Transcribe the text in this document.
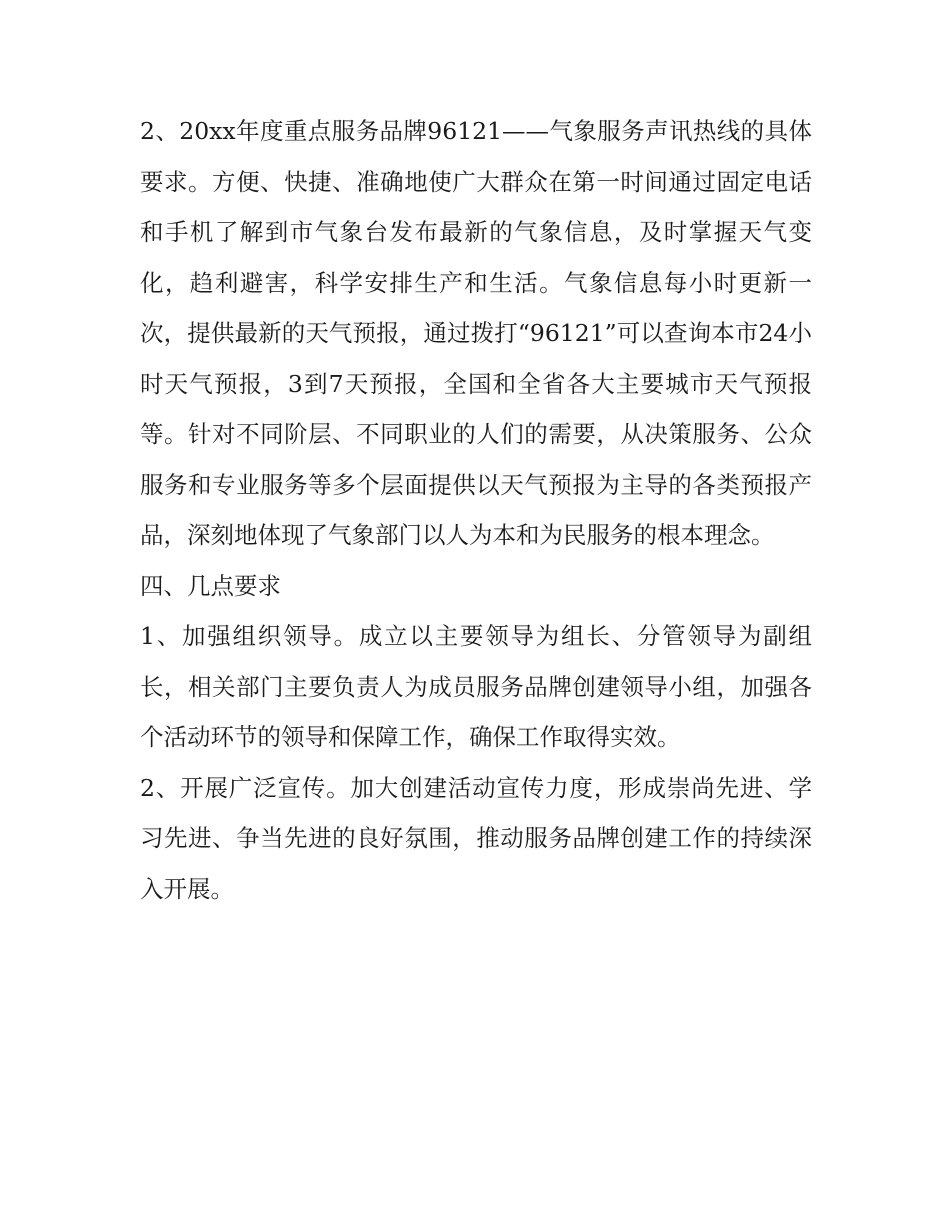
2、20xx年度重点服务品牌96121——气象服务声讯热线的具体要求。方便、快捷、准确地使广大群众在第一时间通过固定电话和手机了解到市气象台发布最新的气象信息，及时掌握天气变化，趋利避害，科学安排生产和生活。气象信息每小时更新一次，提供最新的天气预报，通过拨打“96121”可以查询本市24小时天气预报，3到7天预报，全国和全省各大主要城市天气预报等。针对不同阶层、不同职业的人们的需要，从决策服务、公众服务和专业服务等多个层面提供以天气预报为主导的各类预报产品，深刻地体现了气象部门以人为本和为民服务的根本理念。

四、几点要求

1、加强组织领导。成立以主要领导为组长、分管领导为副组长，相关部门主要负责人为成员服务品牌创建领导小组，加强各个活动环节的领导和保障工作，确保工作取得实效。

2、开展广泛宣传。加大创建活动宣传力度，形成崇尚先进、学习先进、争当先进的良好氛围，推动服务品牌创建工作的持续深入开展。
